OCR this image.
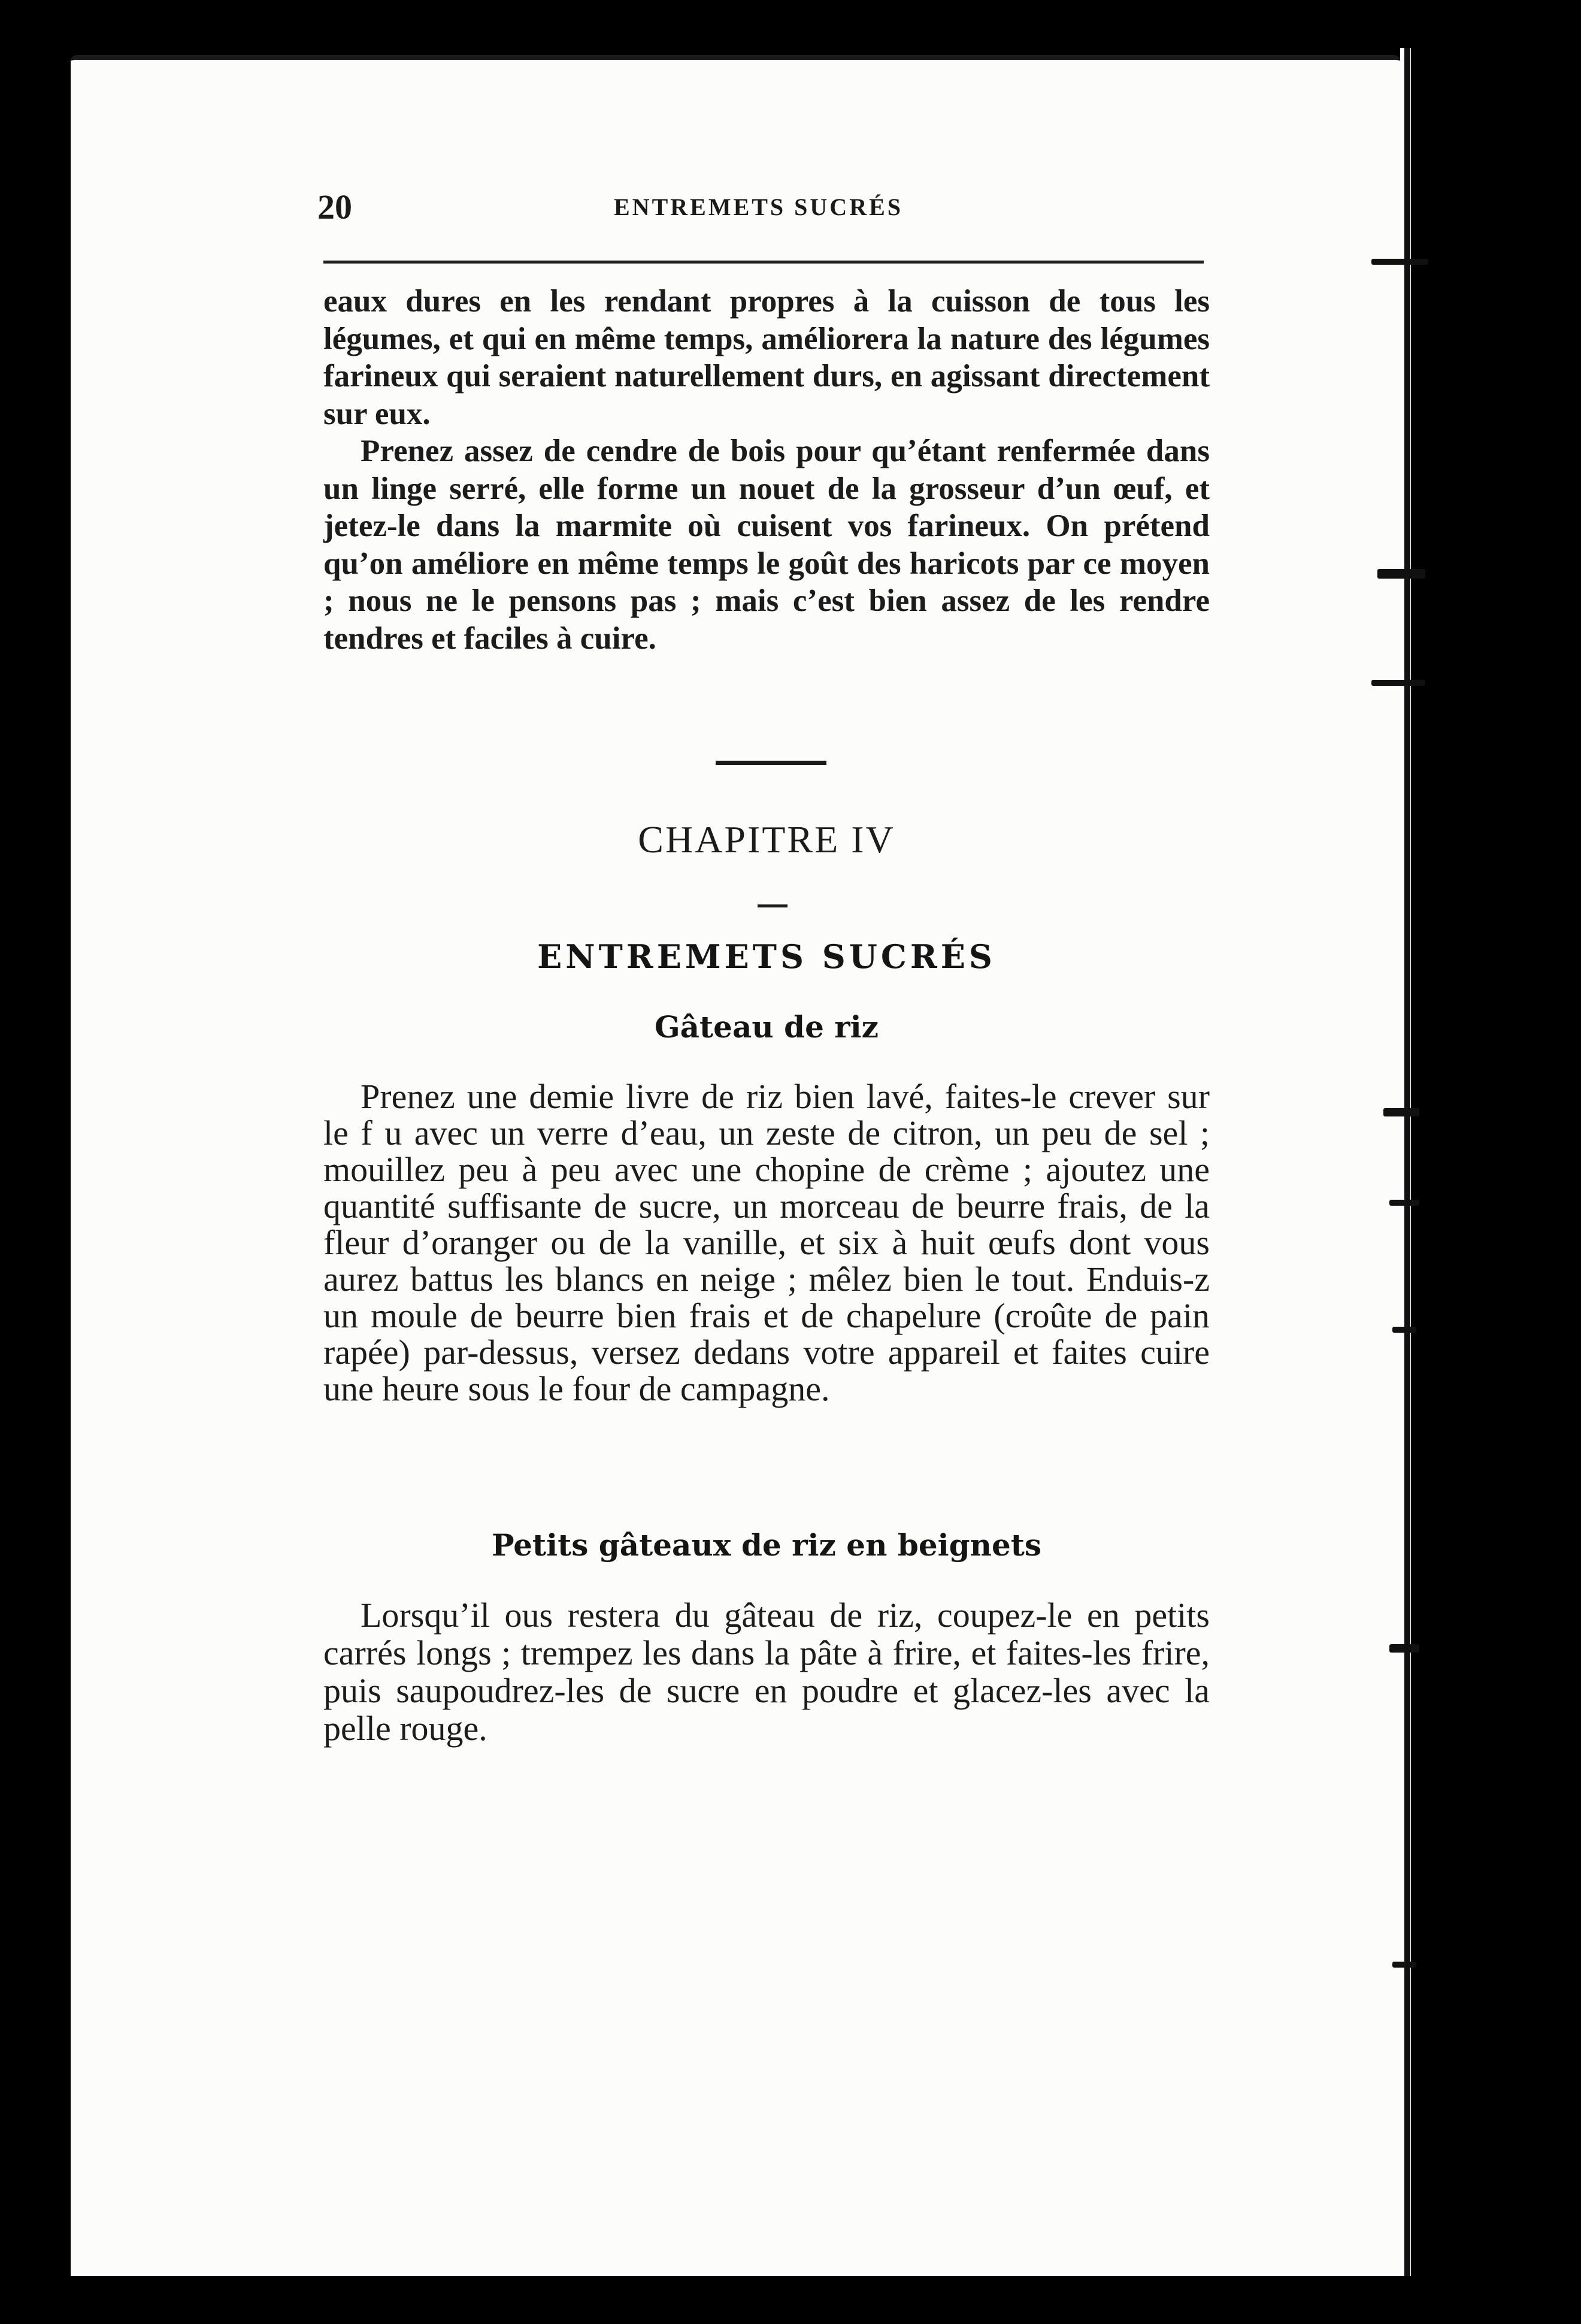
20	ENTREMETS SUCRÉS

eaux dures en les rendant propres à la cuisson de tous les légumes, et qui en même temps, améliorera la nature des légumes farineux qui seraient naturellement durs, en agissant directement sur eux.

Prenez assez de cendre de bois pour qu’étant renfermée dans un linge serré, elle forme un nouet de la grosseur d’un œuf, et jetez-le dans la marmite où cuisent vos farineux. On prétend qu’on améliore en même temps le goût des haricots par ce moyen ; nous ne le pensons pas ; mais c’est bien assez de les rendre tendres et faciles à cuire.

CHAPITRE IV
ENTREMETS SUCRÉS
Gâteau de riz

Prenez une demie livre de riz bien lavé, faites-le crever sur le f u avec un verre d’eau, un zeste de citron, un peu de sel ; mouillez peu à peu avec une chopine de crème ; ajoutez une quantité suffisante de sucre, un morceau de beurre frais, de la fleur d’oranger ou de la vanille, et six à huit œufs dont vous aurez battus les blancs en neige ; mêlez bien le tout. Enduis-z un moule de beurre bien frais et de chapelure (croûte de pain rapée) par-dessus, versez dedans votre appareil et faites cuire une heure sous le four de campagne.

Petits gâteaux de riz en beignets

Lorsqu’il ous restera du gâteau de riz, coupez-le en petits carrés longs ; trempez les dans la pâte à frire, et faites-les frire, puis saupoudrez-les de sucre en poudre et glacez-les avec la pelle rouge.
